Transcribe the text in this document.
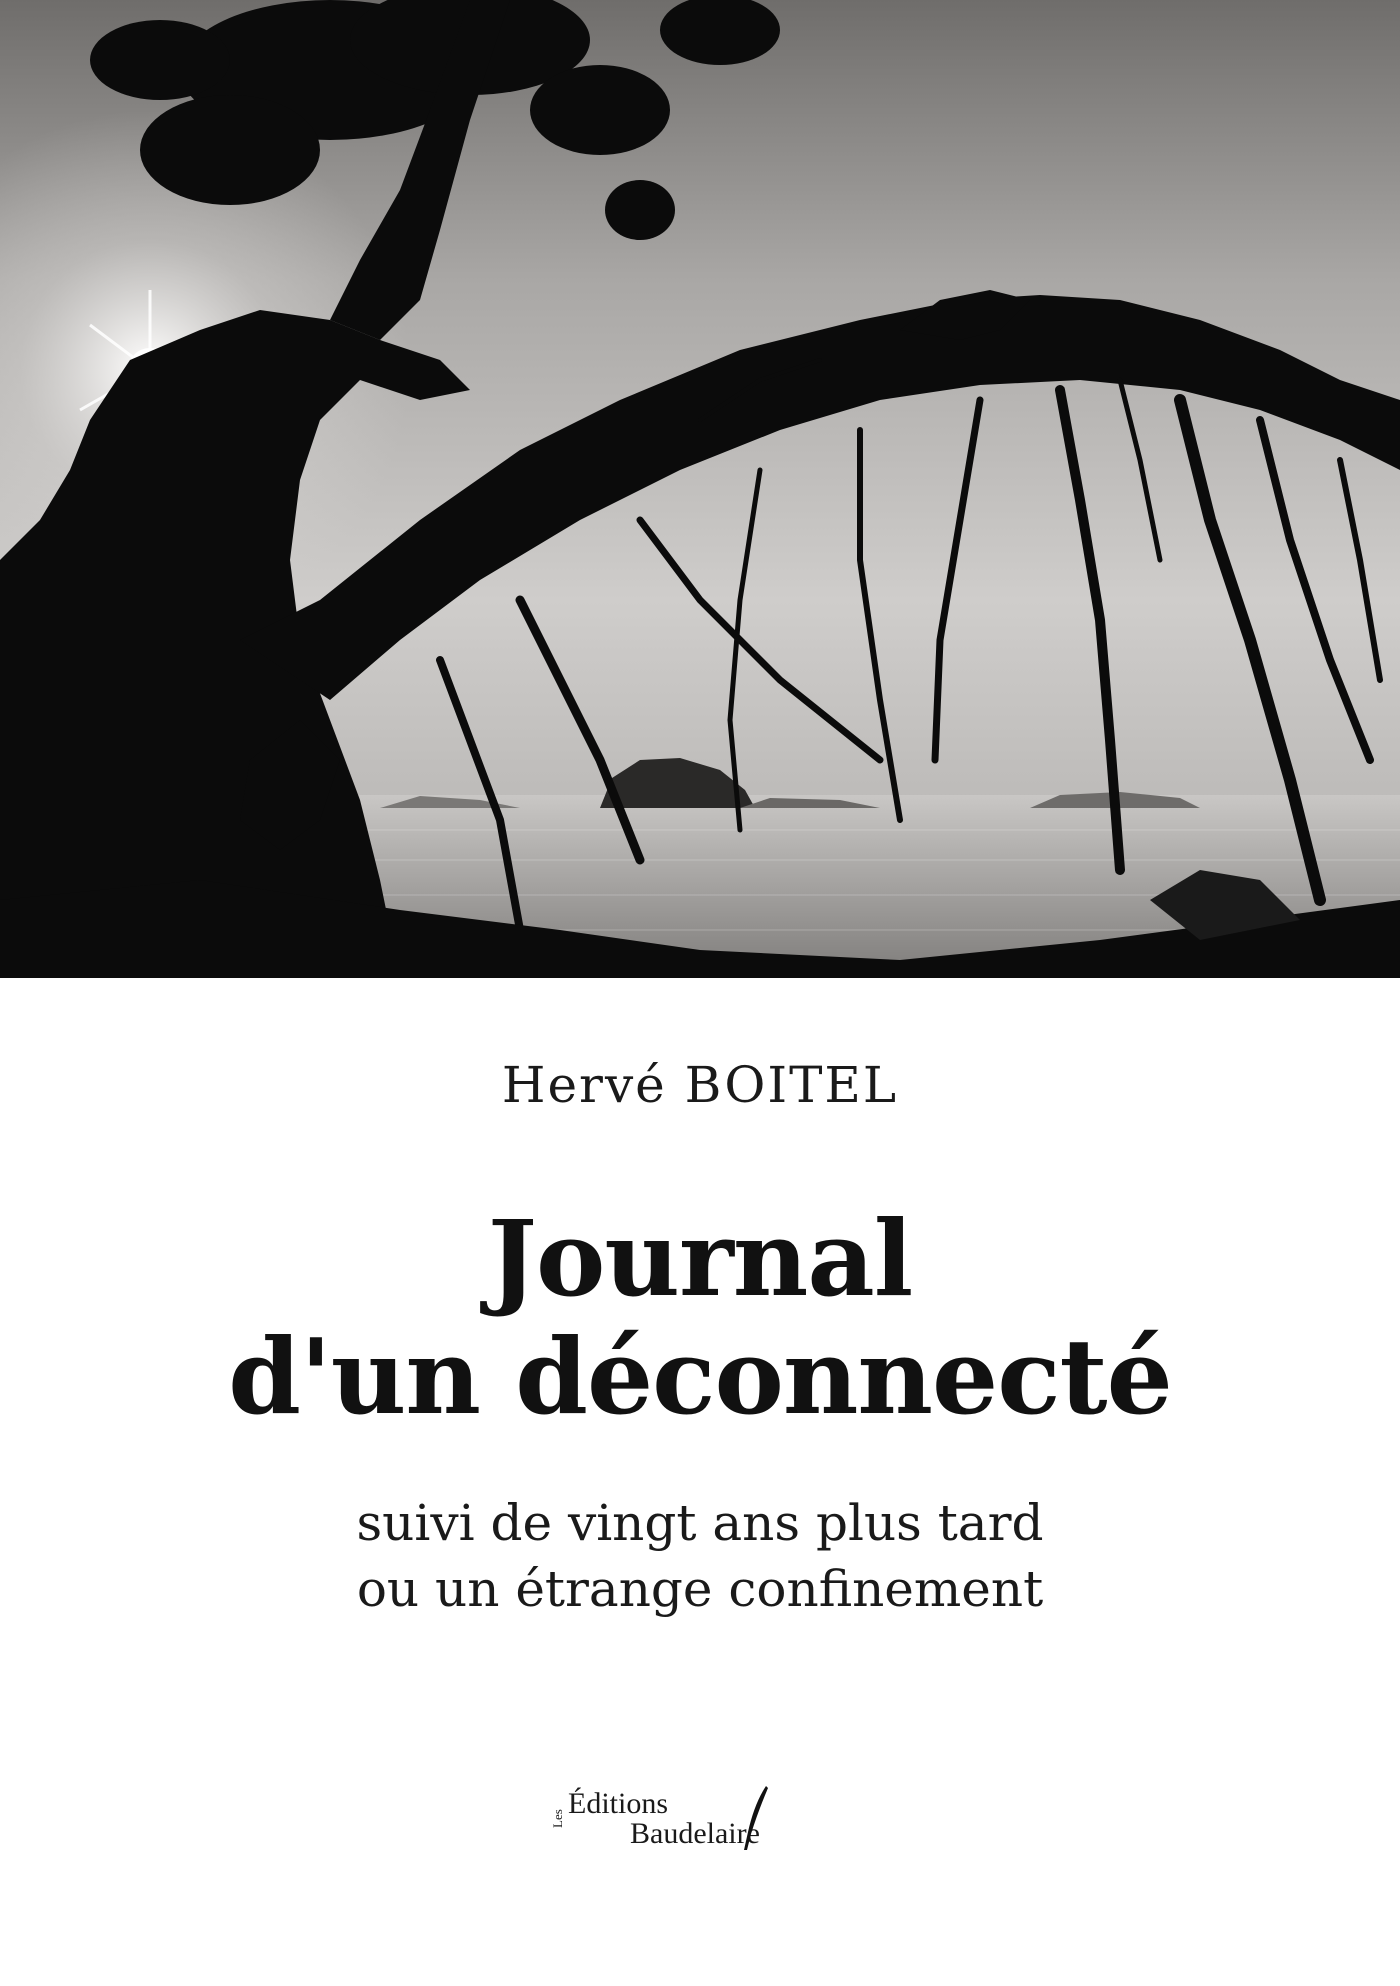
Hervé BOITEL
Journal
d'un déconnecté
suivi de vingt ans plus tard
ou un étrange confinement
Les Éditions
Baudelaire
